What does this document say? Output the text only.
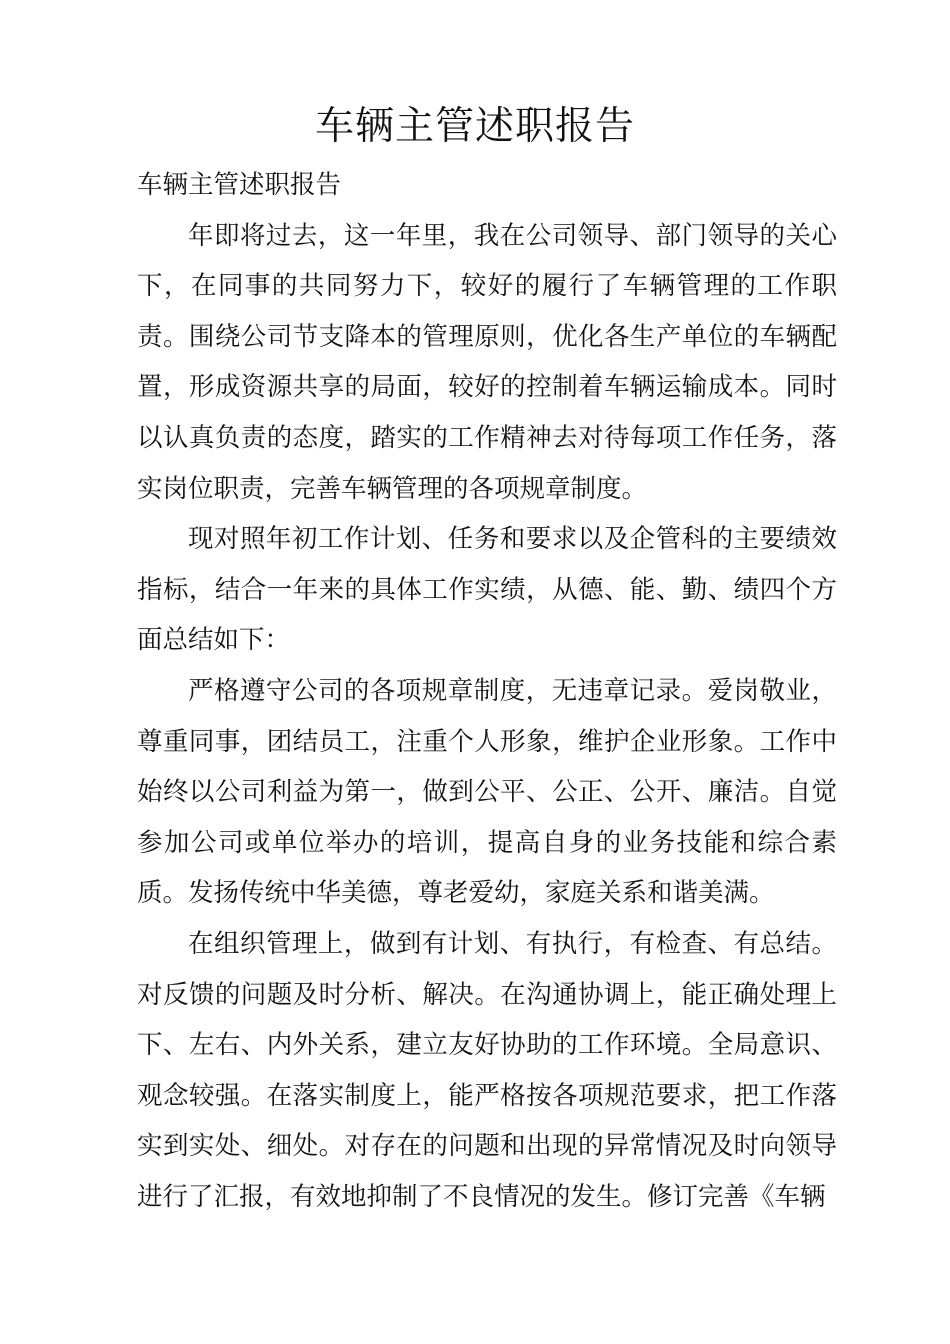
车辆主管述职报告

车辆主管述职报告

年即将过去，这一年里，我在公司领导、部门领导的关心下，在同事的共同努力下，较好的履行了车辆管理的工作职责。围绕公司节支降本的管理原则，优化各生产单位的车辆配置，形成资源共享的局面，较好的控制着车辆运输成本。同时以认真负责的态度，踏实的工作精神去对待每项工作任务，落实岗位职责，完善车辆管理的各项规章制度。

现对照年初工作计划、任务和要求以及企管科的主要绩效指标，结合一年来的具体工作实绩，从德、能、勤、绩四个方面总结如下：

严格遵守公司的各项规章制度，无违章记录。爱岗敬业，尊重同事，团结员工，注重个人形象，维护企业形象。工作中始终以公司利益为第一，做到公平、公正、公开、廉洁。自觉参加公司或单位举办的培训，提高自身的业务技能和综合素质。发扬传统中华美德，尊老爱幼，家庭关系和谐美满。

在组织管理上，做到有计划、有执行，有检查、有总结。对反馈的问题及时分析、解决。在沟通协调上，能正确处理上下、左右、内外关系，建立友好协助的工作环境。全局意识、观念较强。在落实制度上，能严格按各项规范要求，把工作落实到实处、细处。对存在的问题和出现的异常情况及时向领导进行了汇报，有效地抑制了不良情况的发生。修订完善《车辆
